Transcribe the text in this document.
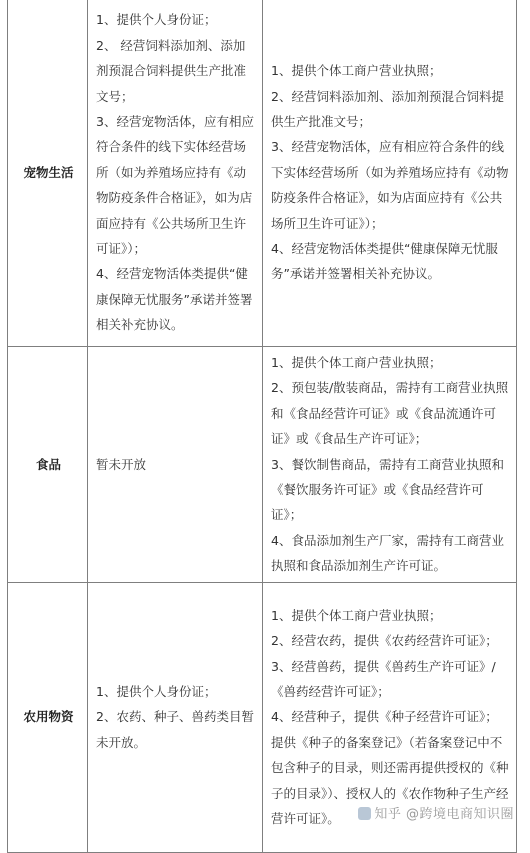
宠物生活	1、提供个人身份证；
2、 经营饲料添加剂、添加剂预混合饲料提供生产批准文号；
3、经营宠物活体，应有相应符合条件的线下实体经营场所（如为养殖场应持有《动物防疫条件合格证》，如为店面应持有《公共场所卫生许可证》）；
4、经营宠物活体类提供“健康保障无忧服务”承诺并签署相关补充协议。	1、提供个体工商户营业执照；
2、经营饲料添加剂、添加剂预混合饲料提供生产批准文号；
3、经营宠物活体，应有相应符合条件的线下实体经营场所（如为养殖场应持有《动物防疫条件合格证》，如为店面应持有《公共场所卫生许可证》）；
4、经营宠物活体类提供“健康保障无忧服务”承诺并签署相关补充协议。

食品	暂未开放	1、提供个体工商户营业执照；
2、预包装/散装商品，需持有工商营业执照和《食品经营许可证》或《食品流通许可证》或《食品生产许可证》；
3、餐饮制售商品，需持有工商营业执照和《餐饮服务许可证》或《食品经营许可证》；
4、食品添加剂生产厂家，需持有工商营业执照和食品添加剂生产许可证。

农用物资	1、提供个人身份证；
2、农药、种子、兽药类目暂未开放。	1、提供个体工商户营业执照；
2、经营农药，提供《农药经营许可证》；
3、经营兽药，提供《兽药生产许可证》/《兽药经营许可证》；
4、经营种子，提供《种子经营许可证》；提供《种子的备案登记》（若备案登记中不包含种子的目录，则还需再提供授权的《种子的目录》）、授权人的《农作物种子生产经营许可证》。	知乎 @跨境电商知识圈
